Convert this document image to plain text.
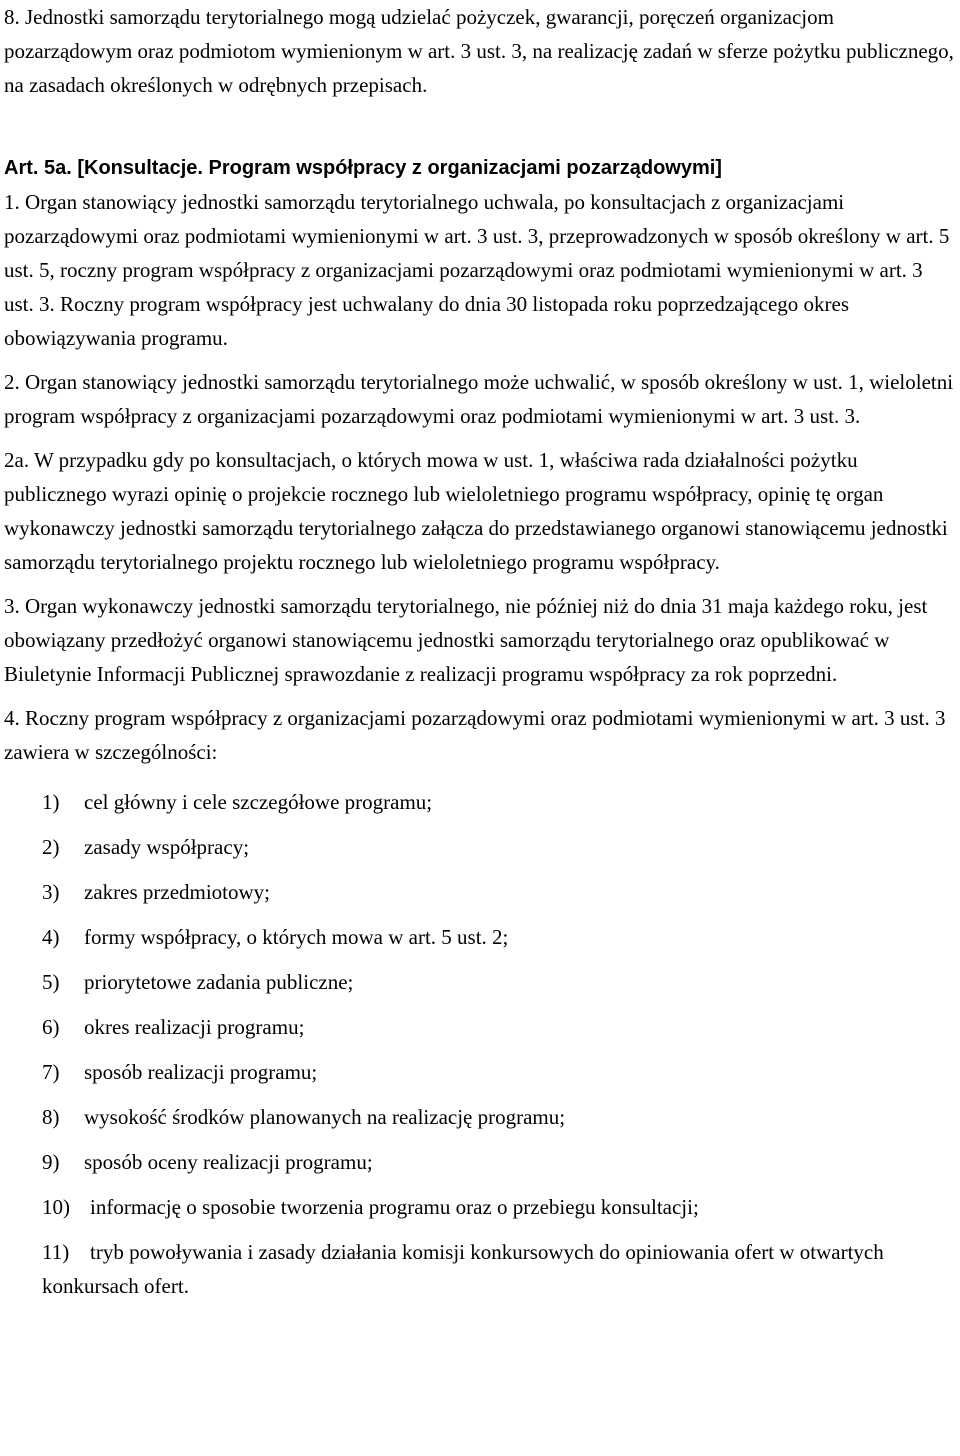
8. Jednostki samorządu terytorialnego mogą udzielać pożyczek, gwarancji, poręczeń organizacjom pozarządowym oraz podmiotom wymienionym w art. 3 ust. 3, na realizację zadań w sferze pożytku publicznego, na zasadach określonych w odrębnych przepisach.

Art. 5a. [Konsultacje. Program współpracy z organizacjami pozarządowymi]

1. Organ stanowiący jednostki samorządu terytorialnego uchwala, po konsultacjach z organizacjami pozarządowymi oraz podmiotami wymienionymi w art. 3 ust. 3, przeprowadzonych w sposób określony w art. 5 ust. 5, roczny program współpracy z organizacjami pozarządowymi oraz podmiotami wymienionymi w art. 3 ust. 3. Roczny program współpracy jest uchwalany do dnia 30 listopada roku poprzedzającego okres obowiązywania programu.

2. Organ stanowiący jednostki samorządu terytorialnego może uchwalić, w sposób określony w ust. 1, wieloletni program współpracy z organizacjami pozarządowymi oraz podmiotami wymienionymi w art. 3 ust. 3.

2a. W przypadku gdy po konsultacjach, o których mowa w ust. 1, właściwa rada działalności pożytku publicznego wyrazi opinię o projekcie rocznego lub wieloletniego programu współpracy, opinię tę organ wykonawczy jednostki samorządu terytorialnego załącza do przedstawianego organowi stanowiącemu jednostki samorządu terytorialnego projektu rocznego lub wieloletniego programu współpracy.

3. Organ wykonawczy jednostki samorządu terytorialnego, nie później niż do dnia 31 maja każdego roku, jest obowiązany przedłożyć organowi stanowiącemu jednostki samorządu terytorialnego oraz opublikować w Biuletynie Informacji Publicznej sprawozdanie z realizacji programu współpracy za rok poprzedni.

4. Roczny program współpracy z organizacjami pozarządowymi oraz podmiotami wymienionymi w art. 3 ust. 3 zawiera w szczególności:

1)	cel główny i cele szczegółowe programu;
2)	zasady współpracy;
3)	zakres przedmiotowy;
4)	formy współpracy, o których mowa w art. 5 ust. 2;
5)	priorytetowe zadania publiczne;
6)	okres realizacji programu;
7)	sposób realizacji programu;
8)	wysokość środków planowanych na realizację programu;
9)	sposób oceny realizacji programu;
10) informację o sposobie tworzenia programu oraz o przebiegu konsultacji;
11) tryb powoływania i zasady działania komisji konkursowych do opiniowania ofert w otwartych konkursach ofert.
